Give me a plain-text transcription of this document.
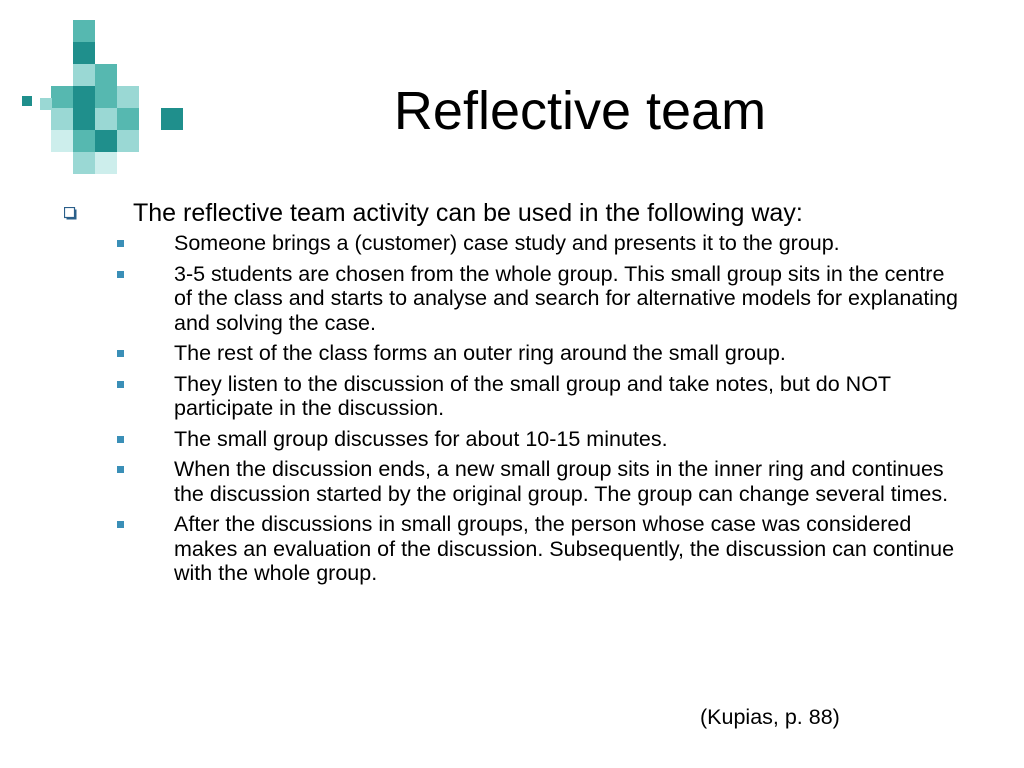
Reflective team

The reflective team activity can be used in the following way:

Someone brings a (customer) case study and presents it to the group.
3-5 students are chosen from the whole group. This small group sits in the centre of the class and starts to analyse and search for alternative models for explanating and solving the case.
The rest of the class forms an outer ring around the small group.
They listen to the discussion of the small group and take notes, but do NOT participate in the discussion.
The small group discusses for about 10-15 minutes.
When the discussion ends, a new small group sits in the inner ring and continues the discussion started by the original group. The group can change several times.
After the discussions in small groups, the person whose case was considered makes an evaluation of the discussion. Subsequently, the discussion can continue with the whole group.

(Kupias, p. 88)
